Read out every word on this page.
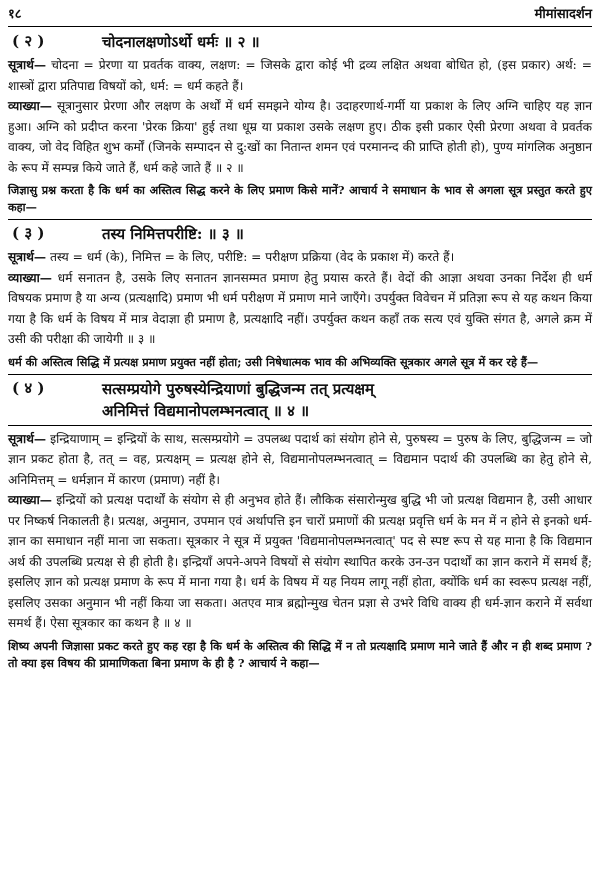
१८	मीमांसादर्शन
( २ )	चोदनालक्षणोऽर्थो धर्मः ॥ २ ॥

सूत्रार्थ— चोदना = प्रेरणा या प्रवर्तक वाक्य, लक्षण: = जिसके द्वारा कोई भी द्रव्य लक्षित अथवा बोधित हो, (इस प्रकार) अर्थ: = शास्त्रों द्वारा प्रतिपाद्य विषयों को, धर्म: = धर्म कहते हैं।

व्याख्या— सूत्रानुसार प्रेरणा और लक्षण के अर्थों में धर्म समझने योग्य है। उदाहरणार्थ-गर्मी या प्रकाश के लिए अग्नि चाहिए यह ज्ञान हुआ। अग्नि को प्रदीप्त करना 'प्रेरक क्रिया' हुई तथा धूम्र या प्रकाश उसके लक्षण हुए। ठीक इसी प्रकार ऐसी प्रेरणा अथवा वे प्रवर्तक वाक्य, जो वेद विहित शुभ कर्मों (जिनके सम्पादन से दु:खों का नितान्त शमन एवं परमानन्द की प्राप्ति होती हो), पुण्य मांगलिक अनुष्ठान के रूप में सम्पन्न किये जाते हैं, धर्म कहे जाते हैं ॥ २ ॥

जिज्ञासु प्रश्न करता है कि धर्म का अस्तित्व सिद्ध करने के लिए प्रमाण किसे मानें? आचार्य ने समाधान के भाव से अगला सूत्र प्रस्तुत करते हुए कहा—

( ३ )	तस्य निमित्तपरीष्टि: ॥ ३ ॥

सूत्रार्थ— तस्य = धर्म (के), निमित्त = के लिए, परीष्टि: = परीक्षण प्रक्रिया (वेद के प्रकाश में) करते हैं।

व्याख्या— धर्म सनातन है, उसके लिए सनातन ज्ञानसम्मत प्रमाण हेतु प्रयास करते हैं। वेदों की आज्ञा अथवा उनका निर्देश ही धर्म विषयक प्रमाण है या अन्य (प्रत्यक्षादि) प्रमाण भी धर्म परीक्षण में प्रमाण माने जाएँगे। उपर्युक्त विवेचन में प्रतिज्ञा रूप से यह कथन किया गया है कि धर्म के विषय में मात्र वेदाज्ञा ही प्रमाण है, प्रत्यक्षादि नहीं। उपर्युक्त कथन कहाँ तक सत्य एवं युक्ति संगत है, अगले क्रम में उसी की परीक्षा की जायेगी ॥ ३ ॥

धर्म की अस्तित्व सिद्धि में प्रत्यक्ष प्रमाण प्रयुक्त नहीं होता; उसी निषेधात्मक भाव की अभिव्यक्ति सूत्रकार अगले सूत्र में कर रहे हैं—

( ४ )	सत्सम्प्रयोगे पुरुषस्येन्द्रियाणां बुद्धिजन्म तत् प्रत्यक्षम्
अनिमित्तं विद्यमानोपलम्भनत्वात् ॥ ४ ॥

सूत्रार्थ— इन्द्रियाणाम् = इन्द्रियों के साथ, सत्सम्प्रयोगे = उपलब्ध पदार्थ कां संयोग होने से, पुरुषस्य = पुरुष के लिए, बुद्धिजन्म = जो ज्ञान प्रकट होता है, तत् = वह, प्रत्यक्षम् = प्रत्यक्ष होने से, विद्यमानोपलम्भनत्वात् = विद्यमान पदार्थ की उपलब्धि का हेतु होने से, अनिमित्तम् = धर्मज्ञान में कारण (प्रमाण) नहीं है।

व्याख्या— इन्द्रियों को प्रत्यक्ष पदार्थों के संयोग से ही अनुभव होते हैं। लौकिक संसारोन्मुख बुद्धि भी जो प्रत्यक्ष विद्यमान है, उसी आधार पर निष्कर्ष निकालती है। प्रत्यक्ष, अनुमान, उपमान एवं अर्थापत्ति इन चारों प्रमाणों की प्रत्यक्ष प्रवृत्ति धर्म के मन में न होने से इनको धर्म-ज्ञान का समाधान नहीं माना जा सकता। सूत्रकार ने सूत्र में प्रयुक्त 'विद्यमानोपलम्भनत्वात्' पद से स्पष्ट रूप से यह माना है कि विद्यमान अर्थ की उपलब्धि प्रत्यक्ष से ही होती है। इन्द्रियाँ अपने-अपने विषयों से संयोग स्थापित करके उन-उन पदार्थों का ज्ञान कराने में समर्थ हैं; इसलिए ज्ञान को प्रत्यक्ष प्रमाण के रूप में माना गया है। धर्म के विषय में यह नियम लागू नहीं होता, क्योंकि धर्म का स्वरूप प्रत्यक्ष नहीं, इसलिए उसका अनुमान भी नहीं किया जा सकता। अतएव मात्र ब्रह्मोन्मुख चेतन प्रज्ञा से उभरे विधि वाक्य ही धर्म-ज्ञान कराने में सर्वथा समर्थ हैं। ऐसा सूत्रकार का कथन है ॥ ४ ॥

शिष्य अपनी जिज्ञासा प्रकट करते हुए कह रहा है कि धर्म के अस्तित्व की सिद्धि में न तो प्रत्यक्षादि प्रमाण माने जाते हैं और न ही शब्द प्रमाण ? तो क्या इस विषय की प्रामाणिकता बिना प्रमाण के ही है ? आचार्य ने कहा—
